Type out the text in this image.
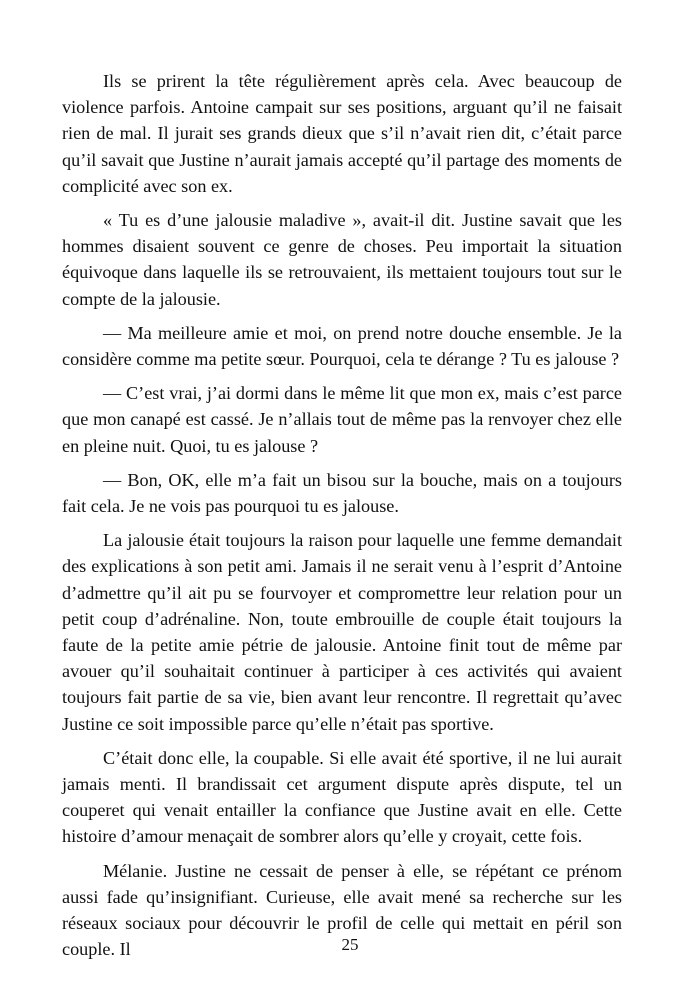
Ils se prirent la tête régulièrement après cela. Avec beaucoup de violence parfois. Antoine campait sur ses positions, arguant qu’il ne faisait rien de mal. Il jurait ses grands dieux que s’il n’avait rien dit, c’était parce qu’il savait que Justine n’aurait jamais accepté qu’il partage des moments de complicité avec son ex.

« Tu es d’une jalousie maladive », avait-il dit. Justine savait que les hommes disaient souvent ce genre de choses. Peu importait la situation équivoque dans laquelle ils se retrouvaient, ils mettaient toujours tout sur le compte de la jalousie.

— Ma meilleure amie et moi, on prend notre douche ensemble. Je la considère comme ma petite sœur. Pourquoi, cela te dérange ? Tu es jalouse ?

— C’est vrai, j’ai dormi dans le même lit que mon ex, mais c’est parce que mon canapé est cassé. Je n’allais tout de même pas la renvoyer chez elle en pleine nuit. Quoi, tu es jalouse ?

— Bon, OK, elle m’a fait un bisou sur la bouche, mais on a toujours fait cela. Je ne vois pas pourquoi tu es jalouse.

La jalousie était toujours la raison pour laquelle une femme demandait des explications à son petit ami. Jamais il ne serait venu à l’esprit d’Antoine d’admettre qu’il ait pu se fourvoyer et compromettre leur relation pour un petit coup d’adrénaline. Non, toute embrouille de couple était toujours la faute de la petite amie pétrie de jalousie. Antoine finit tout de même par avouer qu’il souhaitait continuer à participer à ces activités qui avaient toujours fait partie de sa vie, bien avant leur rencontre. Il regrettait qu’avec Justine ce soit impossible parce qu’elle n’était pas sportive.

C’était donc elle, la coupable. Si elle avait été sportive, il ne lui aurait jamais menti. Il brandissait cet argument dispute après dispute, tel un couperet qui venait entailler la confiance que Justine avait en elle. Cette histoire d’amour menaçait de sombrer alors qu’elle y croyait, cette fois.

Mélanie. Justine ne cessait de penser à elle, se répétant ce prénom aussi fade qu’insignifiant. Curieuse, elle avait mené sa recherche sur les réseaux sociaux pour découvrir le profil de celle qui mettait en péril son couple. Il	25
